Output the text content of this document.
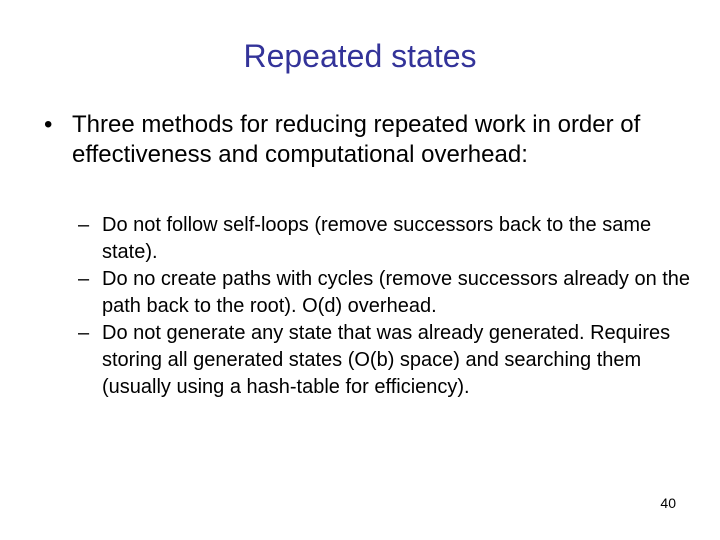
Repeated states
• Three methods for reducing repeated work in order of effectiveness and computational overhead:
– Do not follow self-loops (remove successors back to the same state).
– Do no create paths with cycles (remove successors already on the path back to the root). O(d) overhead.
– Do not generate any state that was already generated. Requires storing all generated states (O(b) space) and searching them (usually using a hash-table for efficiency).
40
